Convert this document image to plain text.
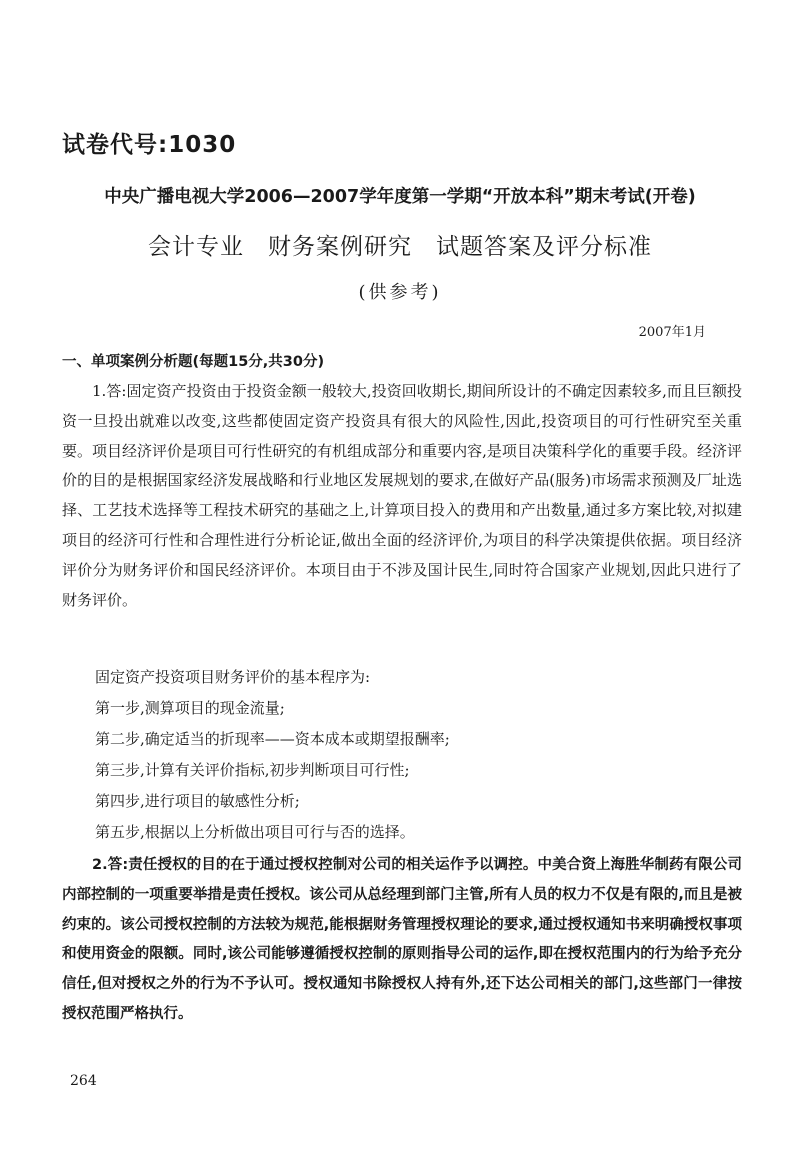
试卷代号:1030
中央广播电视大学2006—2007学年度第一学期“开放本科”期末考试(开卷)
会计专业　财务案例研究　试题答案及评分标准
(供参考)
2007年1月
一、单项案例分析题(每题15分,共30分)
1.答:固定资产投资由于投资金额一般较大,投资回收期长,期间所设计的不确定因素较多,而且巨额投资一旦投出就难以改变,这些都使固定资产投资具有很大的风险性,因此,投资项目的可行性研究至关重要。项目经济评价是项目可行性研究的有机组成部分和重要内容,是项目决策科学化的重要手段。经济评价的目的是根据国家经济发展战略和行业地区发展规划的要求,在做好产品(服务)市场需求预测及厂址选择、工艺技术选择等工程技术研究的基础之上,计算项目投入的费用和产出数量,通过多方案比较,对拟建项目的经济可行性和合理性进行分析论证,做出全面的经济评价,为项目的科学决策提供依据。项目经济评价分为财务评价和国民经济评价。本项目由于不涉及国计民生,同时符合国家产业规划,因此只进行了财务评价。
固定资产投资项目财务评价的基本程序为:
第一步,测算项目的现金流量;
第二步,确定适当的折现率——资本成本或期望报酬率;
第三步,计算有关评价指标,初步判断项目可行性;
第四步,进行项目的敏感性分析;
第五步,根据以上分析做出项目可行与否的选择。
2.答:责任授权的目的在于通过授权控制对公司的相关运作予以调控。中美合资上海胜华制药有限公司内部控制的一项重要举措是责任授权。该公司从总经理到部门主管,所有人员的权力不仅是有限的,而且是被约束的。该公司授权控制的方法较为规范,能根据财务管理授权理论的要求,通过授权通知书来明确授权事项和使用资金的限额。同时,该公司能够遵循授权控制的原则指导公司的运作,即在授权范围内的行为给予充分信任,但对授权之外的行为不予认可。授权通知书除授权人持有外,还下达公司相关的部门,这些部门一律按授权范围严格执行。
264
